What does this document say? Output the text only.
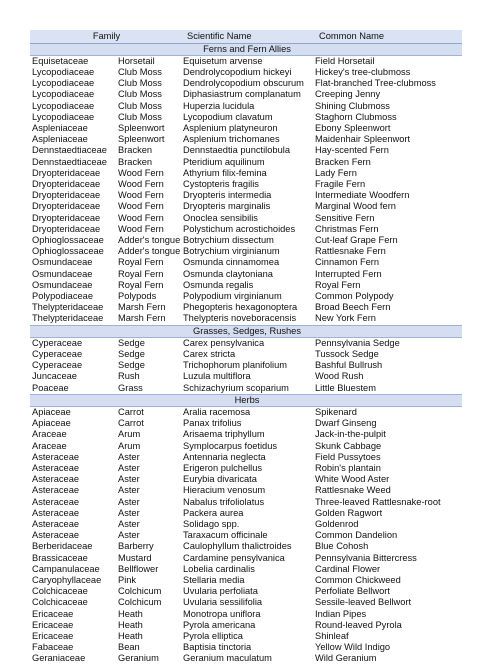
Family		Scientific Name	Common Name
Ferns and Fern Allies			
Equisetaceae	Horsetail	Equisetum arvense	Field Horsetail
Lycopodiaceae	Club Moss	Dendrolycopodium hickeyi	Hickey's tree-clubmoss
Lycopodiaceae	Club Moss	Dendrolycopodium obscurum	Flat-branched Tree-clubmoss
Lycopodiaceae	Club Moss	Diphasiastrum complanatum	Creeping Jenny
Lycopodiaceae	Club Moss	Huperzia lucidula	Shining Clubmoss
Lycopodiaceae	Club Moss	Lycopodium clavatum	Staghorn Clubmoss
Aspleniaceae	Spleenwort	Asplenium platyneuron	Ebony Spleenwort
Aspleniaceae	Spleenwort	Asplenium trichomanes	Maidenhair Spleenwort
Dennstaedtiaceae	Bracken	Dennstaedtia punctilobula	Hay-scented Fern
Dennstaedtiaceae	Bracken	Pteridium aquilinum	Bracken Fern
Dryopteridaceae	Wood Fern	Athyrium filix-femina	Lady Fern
Dryopteridaceae	Wood Fern	Cystopteris fragilis	Fragile Fern
Dryopteridaceae	Wood Fern	Dryopteris intermedia	Intermediate Woodfern
Dryopteridaceae	Wood Fern	Dryopteris marginalis	Marginal Wood fern
Dryopteridaceae	Wood Fern	Onoclea sensibilis	Sensitive Fern
Dryopteridaceae	Wood Fern	Polystichum acrostichoides	Christmas Fern
Ophioglossaceae	Adder's tongue	Botrychium dissectum	Cut-leaf Grape Fern
Ophioglossaceae	Adder's tongue	Botrychium virginianum	Rattlesnake Fern
Osmundaceae	Royal Fern	Osmunda cinnamomea	Cinnamon Fern
Osmundaceae	Royal Fern	Osmunda claytoniana	Interrupted Fern
Osmundaceae	Royal Fern	Osmunda regalis	Royal Fern
Polypodiaceae	Polypods	Polypodium virginianum	Common Polypody
Thelypteridaceae	Marsh Fern	Phegopteris hexagonoptera	Broad Beech Fern
Thelypteridaceae	Marsh Fern	Thelypteris noveboracensis	New York Fern
Grasses, Sedges, Rushes			
Cyperaceae	Sedge	Carex pensylvanica	Pennsylvania Sedge
Cyperaceae	Sedge	Carex stricta	Tussock Sedge
Cyperaceae	Sedge	Trichophorum planifolium	Bashful Bullrush
Juncaceae	Rush	Luzula multiflora	Wood Rush
Poaceae	Grass	Schizachyrium scoparium	Little Bluestem
Herbs			
Apiaceae	Carrot	Aralia racemosa	Spikenard
Apiaceae	Carrot	Panax trifolius	Dwarf Ginseng
Araceae	Arum	Arisaema triphyllum	Jack-in-the-pulpit
Araceae	Arum	Symplocarpus foetidus	Skunk Cabbage
Asteraceae	Aster	Antennaria neglecta	Field Pussytoes
Asteraceae	Aster	Erigeron pulchellus	Robin's plantain
Asteraceae	Aster	Eurybia divaricata	White Wood Aster
Asteraceae	Aster	Hieracium venosum	Rattlesnake Weed
Asteraceae	Aster	Nabalus trifoliolatus	Three-leaved Rattlesnake-root
Asteraceae	Aster	Packera aurea	Golden Ragwort
Asteraceae	Aster	Solidago spp.	Goldenrod
Asteraceae	Aster	Taraxacum officinale	Common Dandelion
Berberidaceae	Barberry	Caulophyllum thalictroides	Blue Cohosh
Brassicaceae	Mustard	Cardamine pensylvanica	Pennsylvania Bittercress
Campanulaceae	Bellflower	Lobelia cardinalis	Cardinal Flower
Caryophyllaceae	Pink	Stellaria media	Common Chickweed
Colchicaceae	Colchicum	Uvularia perfoliata	Perfoliate Bellwort
Colchicaceae	Colchicum	Uvularia sessilifolia	Sessile-leaved Bellwort
Ericaceae	Heath	Monotropa uniflora	Indian Pipes
Ericaceae	Heath	Pyrola americana	Round-leaved Pyrola
Ericaceae	Heath	Pyrola elliptica	Shinleaf
Fabaceae	Bean	Baptisia tinctoria	Yellow Wild Indigo
Geraniaceae	Geranium	Geranium maculatum	Wild Geranium
